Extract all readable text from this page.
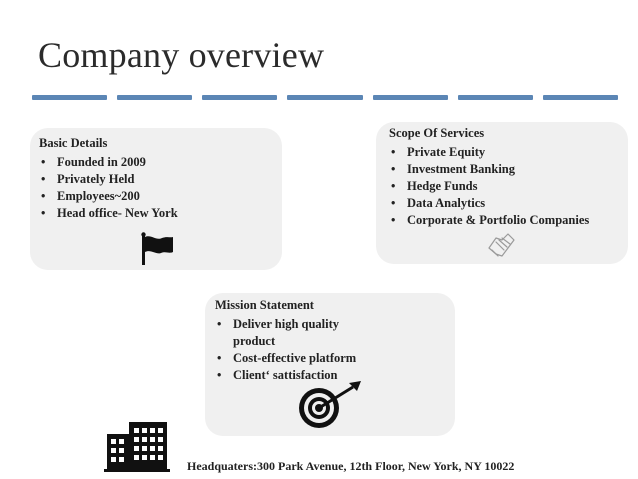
Company overview
Basic Details
• Founded in 2009
• Privately Held
• Employees~200
• Head office- New York
Scope Of Services
• Private Equity
• Investment Banking
• Hedge Funds
• Data Analytics
• Corporate & Portfolio Companies
Mission Statement
• Deliver high quality product
• Cost-effective platform
• Client‘ sattisfaction
Headquaters:300 Park Avenue, 12th Floor, New York, NY 10022
